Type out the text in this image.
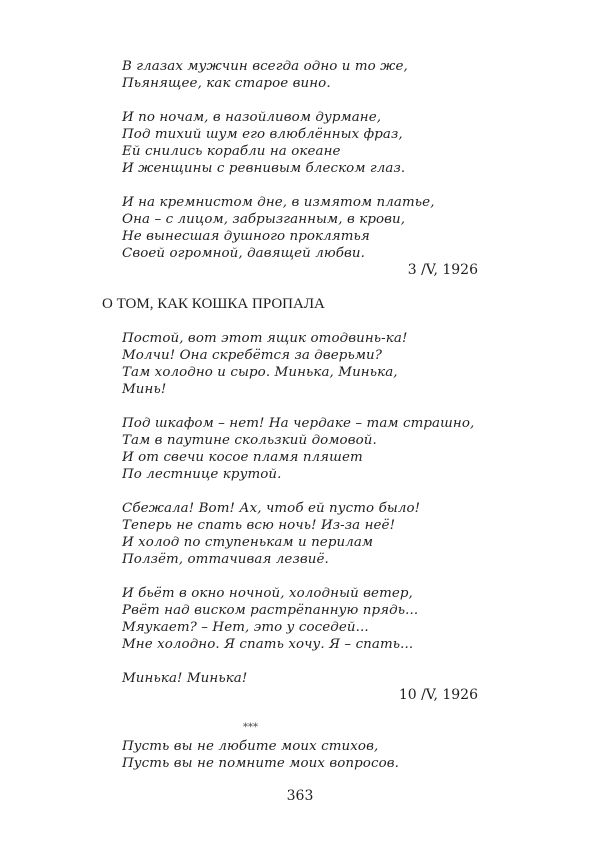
В глазах мужчин всегда одно и то же,
Пьянящее, как старое вино.
И по ночам, в назойливом дурмане,
Под тихий шум его влюблённых фраз,
Ей снились корабли на океане
И женщины с ревнивым блеском глаз.
И на кремнистом дне, в измятом платье,
Она – с лицом, забрызганным, в крови,
Не вынесшая душного проклятья
Своей огромной, давящей любви.
3 /V, 1926
О ТОМ, КАК КОШКА ПРОПАЛА
Постой, вот этот ящик отодвинь-ка!
Молчи! Она скребётся за дверьми?
Там холодно и сыро. Минька, Минька,
Минь!
Под шкафом – нет! На чердаке – там страшно,
Там в паутине скользкий домовой.
И от свечи косое пламя пляшет
По лестнице крутой.
Сбежала! Вот! Ах, чтоб ей пусто было!
Теперь не спать всю ночь! Из-за неё!
И холод по ступенькам и перилам
Ползёт, оттачивая лезвиё.
И бьёт в окно ночной, холодный ветер,
Рвёт над виском растрёпанную прядь...
Мяукает? – Нет, это у соседей...
Мне холодно. Я спать хочу. Я – спать...
Минька! Минька!
10 /V, 1926
***
Пусть вы не любите моих стихов,
Пусть вы не помните моих вопросов.
363
